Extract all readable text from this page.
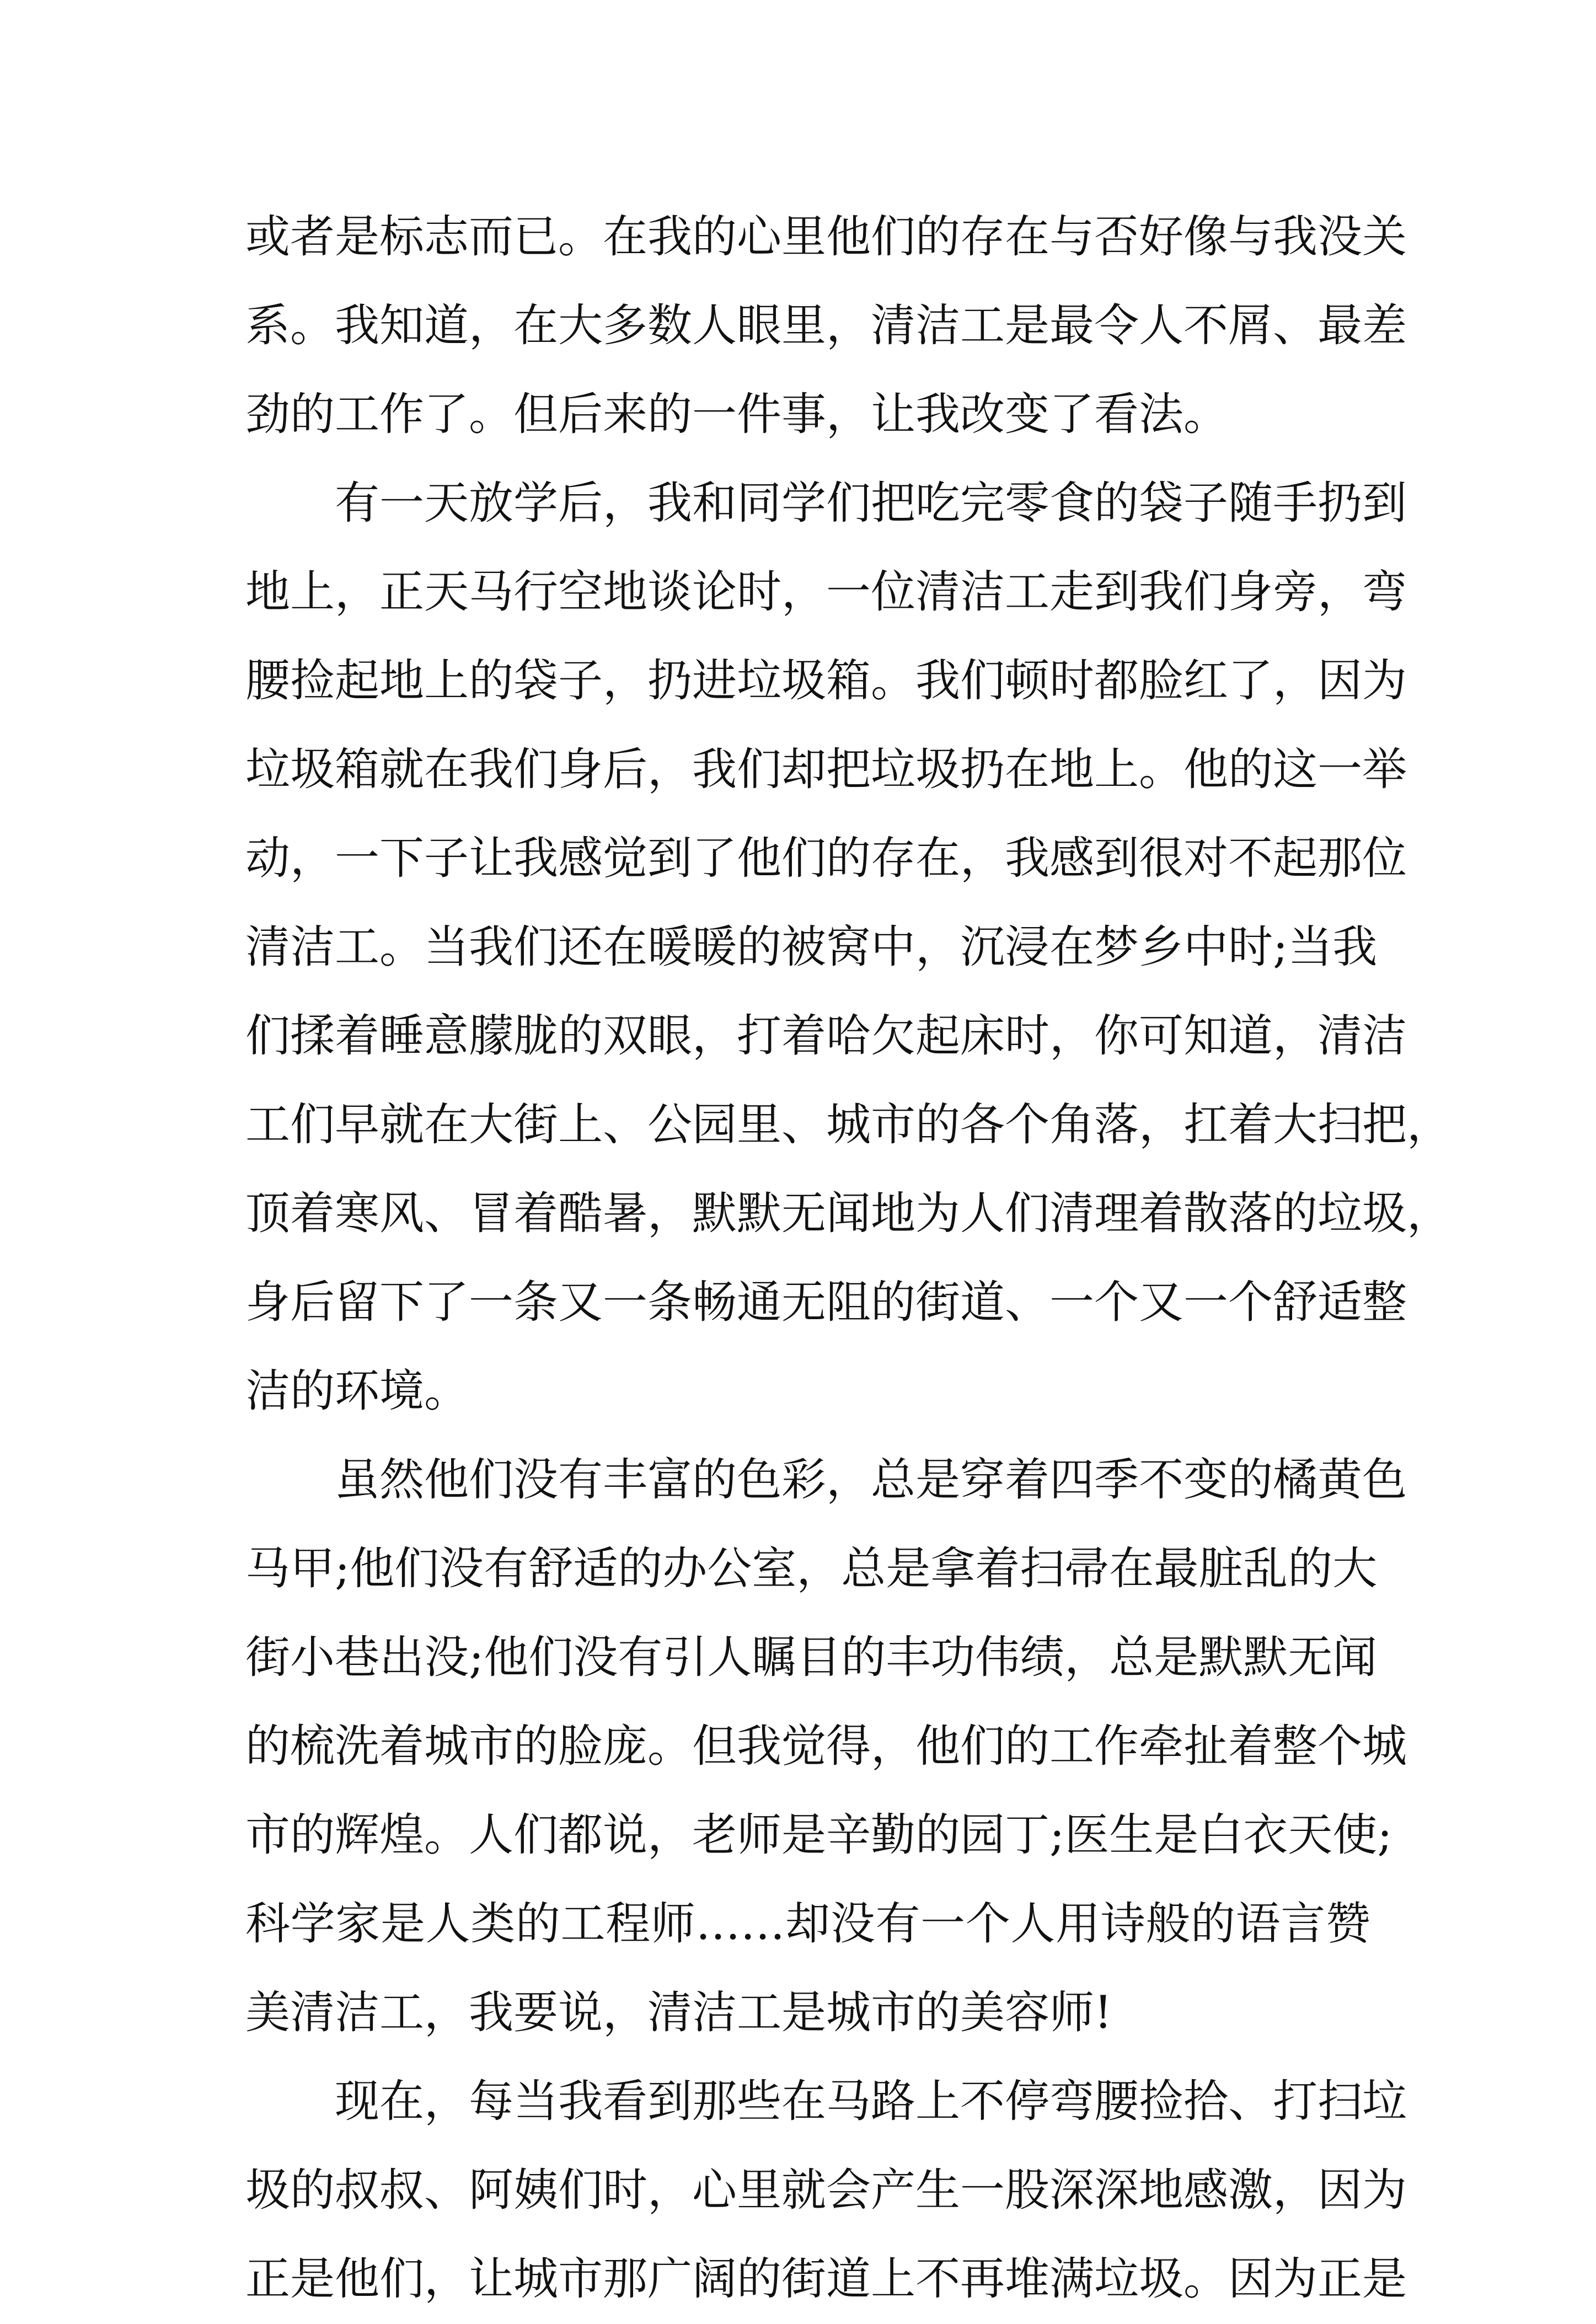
或者是标志而已。在我的心里他们的存在与否好像与我没关
系。我知道，在大多数人眼里，清洁工是最令人不屑、最差
劲的工作了。但后来的一件事，让我改变了看法。
有一天放学后，我和同学们把吃完零食的袋子随手扔到
地上，正天马行空地谈论时，一位清洁工走到我们身旁，弯
腰捡起地上的袋子，扔进垃圾箱。我们顿时都脸红了，因为
垃圾箱就在我们身后，我们却把垃圾扔在地上。他的这一举
动，一下子让我感觉到了他们的存在，我感到很对不起那位
清洁工。当我们还在暖暖的被窝中，沉浸在梦乡中时;当我
们揉着睡意朦胧的双眼，打着哈欠起床时，你可知道，清洁
工们早就在大街上、公园里、城市的各个角落，扛着大扫把，
顶着寒风、冒着酷暑，默默无闻地为人们清理着散落的垃圾，
身后留下了一条又一条畅通无阻的街道、一个又一个舒适整
洁的环境。
虽然他们没有丰富的色彩，总是穿着四季不变的橘黄色
马甲;他们没有舒适的办公室，总是拿着扫帚在最脏乱的大
街小巷出没;他们没有引人瞩目的丰功伟绩，总是默默无闻
的梳洗着城市的脸庞。但我觉得，他们的工作牵扯着整个城
市的辉煌。人们都说，老师是辛勤的园丁;医生是白衣天使;
科学家是人类的工程师……却没有一个人用诗般的语言赞
美清洁工，我要说，清洁工是城市的美容师!
现在，每当我看到那些在马路上不停弯腰捡拾、打扫垃
圾的叔叔、阿姨们时，心里就会产生一股深深地感激，因为
正是他们，让城市那广阔的街道上不再堆满垃圾。因为正是
